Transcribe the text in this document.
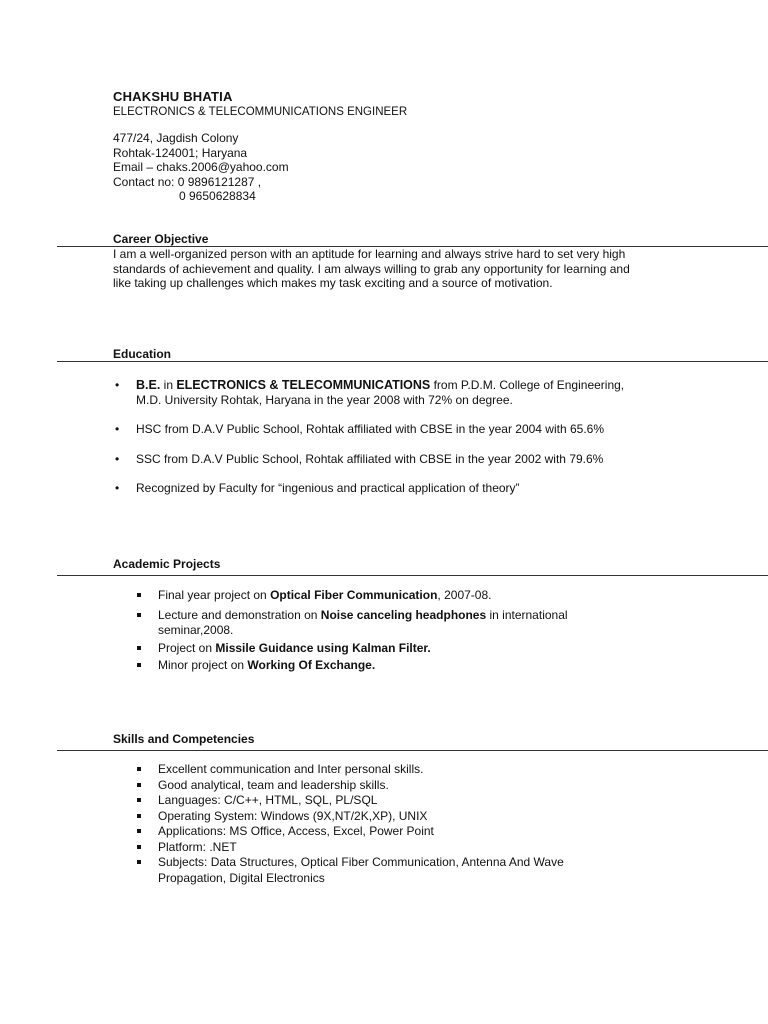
CHAKSHU BHATIA
ELECTRONICS & TELECOMMUNICATIONS ENGINEER
477/24, Jagdish Colony
Rohtak-124001; Haryana
Email – chaks.2006@yahoo.com
Contact no: 0 9896121287 ,
0 9650628834
Career Objective
I am a well-organized person with an aptitude for learning and always strive hard to set very high
standards of achievement and quality. I am always willing to grab any opportunity for learning and
like taking up challenges which makes my task exciting and a source of motivation.
Education
• B.E. in ELECTRONICS & TELECOMMUNICATIONS from P.D.M. College of Engineering,
M.D. University Rohtak, Haryana in the year 2008 with 72% on degree.
• HSC from D.A.V Public School, Rohtak affiliated with CBSE in the year 2004 with 65.6%
• SSC from D.A.V Public School, Rohtak affiliated with CBSE in the year 2002 with 79.6%
• Recognized by Faculty for “ingenious and practical application of theory”
Academic Projects
Final year project on Optical Fiber Communication, 2007-08.
Lecture and demonstration on Noise canceling headphones in international
seminar,2008.
Project on Missile Guidance using Kalman Filter.
Minor project on Working Of Exchange.
Skills and Competencies
Excellent communication and Inter personal skills.
Good analytical, team and leadership skills.
Languages: C/C++, HTML, SQL, PL/SQL
Operating System: Windows (9X,NT/2K,XP), UNIX
Applications: MS Office, Access, Excel, Power Point
Platform: .NET
Subjects: Data Structures, Optical Fiber Communication, Antenna And Wave
Propagation, Digital Electronics
